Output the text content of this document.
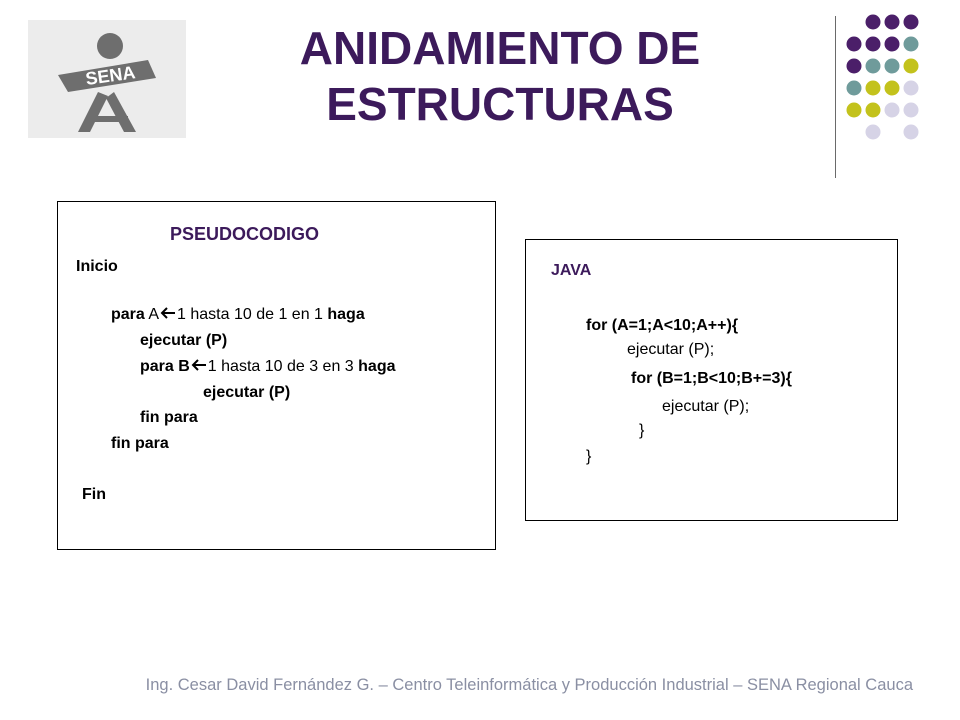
SENA
ANIDAMIENTO DE
ESTRUCTURAS
PSEUDOCODIGO
Inicio
para A 1 hasta 10 de 1 en 1 haga
ejecutar (P)
para B 1 hasta 10 de 3 en 3 haga
ejecutar (P)
fin para
fin para
Fin
JAVA
for (A=1;A<10;A++){
ejecutar (P);
for (B=1;B<10;B+=3){
ejecutar (P);
}
}
Ing. Cesar David Fernández G. – Centro Teleinformática y Producción Industrial – SENA Regional Cauca
